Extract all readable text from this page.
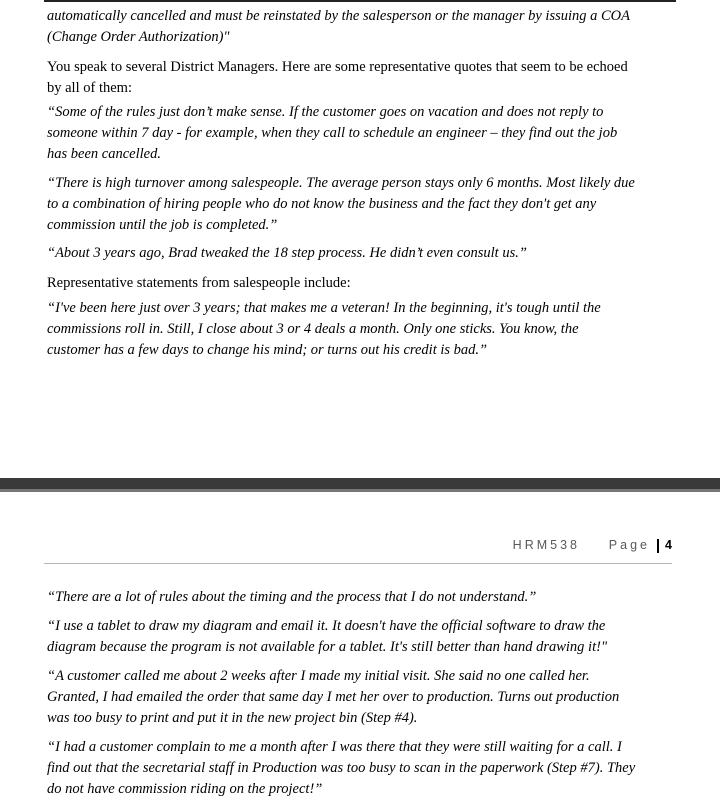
automatically cancelled and must be reinstated by the salesperson or the manager by issuing a COA

(Change Order Authorization)"

You speak to several District Managers. Here are some representative quotes that seem to be echoed

by all of them:

“Some of the rules just don’t make sense. If the customer goes on vacation and does not reply to

someone within 7 day - for example, when they call to schedule an engineer – they find out the job

has been cancelled.

“There is high turnover among salespeople. The average person stays only 6 months. Most likely due

to a combination of hiring people who do not know the business and the fact they don't get any

commission until the job is completed.”

“About 3 years ago, Brad tweaked the 18 step process. He didn’t even consult us.”

Representative statements from salespeople include:

“I've been here just over 3 years; that makes me a veteran! In the beginning, it's tough until the

commissions roll in. Still, I close about 3 or 4 deals a month. Only one sticks. You know, the

customer has a few days to change his mind; or turns out his credit is bad.”

HRM538 Page 4

“There are a lot of rules about the timing and the process that I do not understand.”

“I use a tablet to draw my diagram and email it. It doesn't have the official software to draw the

diagram because the program is not available for a tablet. It's still better than hand drawing it!"

“A customer called me about 2 weeks after I made my initial visit. She said no one called her.

Granted, I had emailed the order that same day I met her over to production. Turns out production

was too busy to print and put it in the new project bin (Step #4).

“I had a customer complain to me a month after I was there that they were still waiting for a call. I

find out that the secretarial staff in Production was too busy to scan in the paperwork (Step #7). They

do not have commission riding on the project!”
